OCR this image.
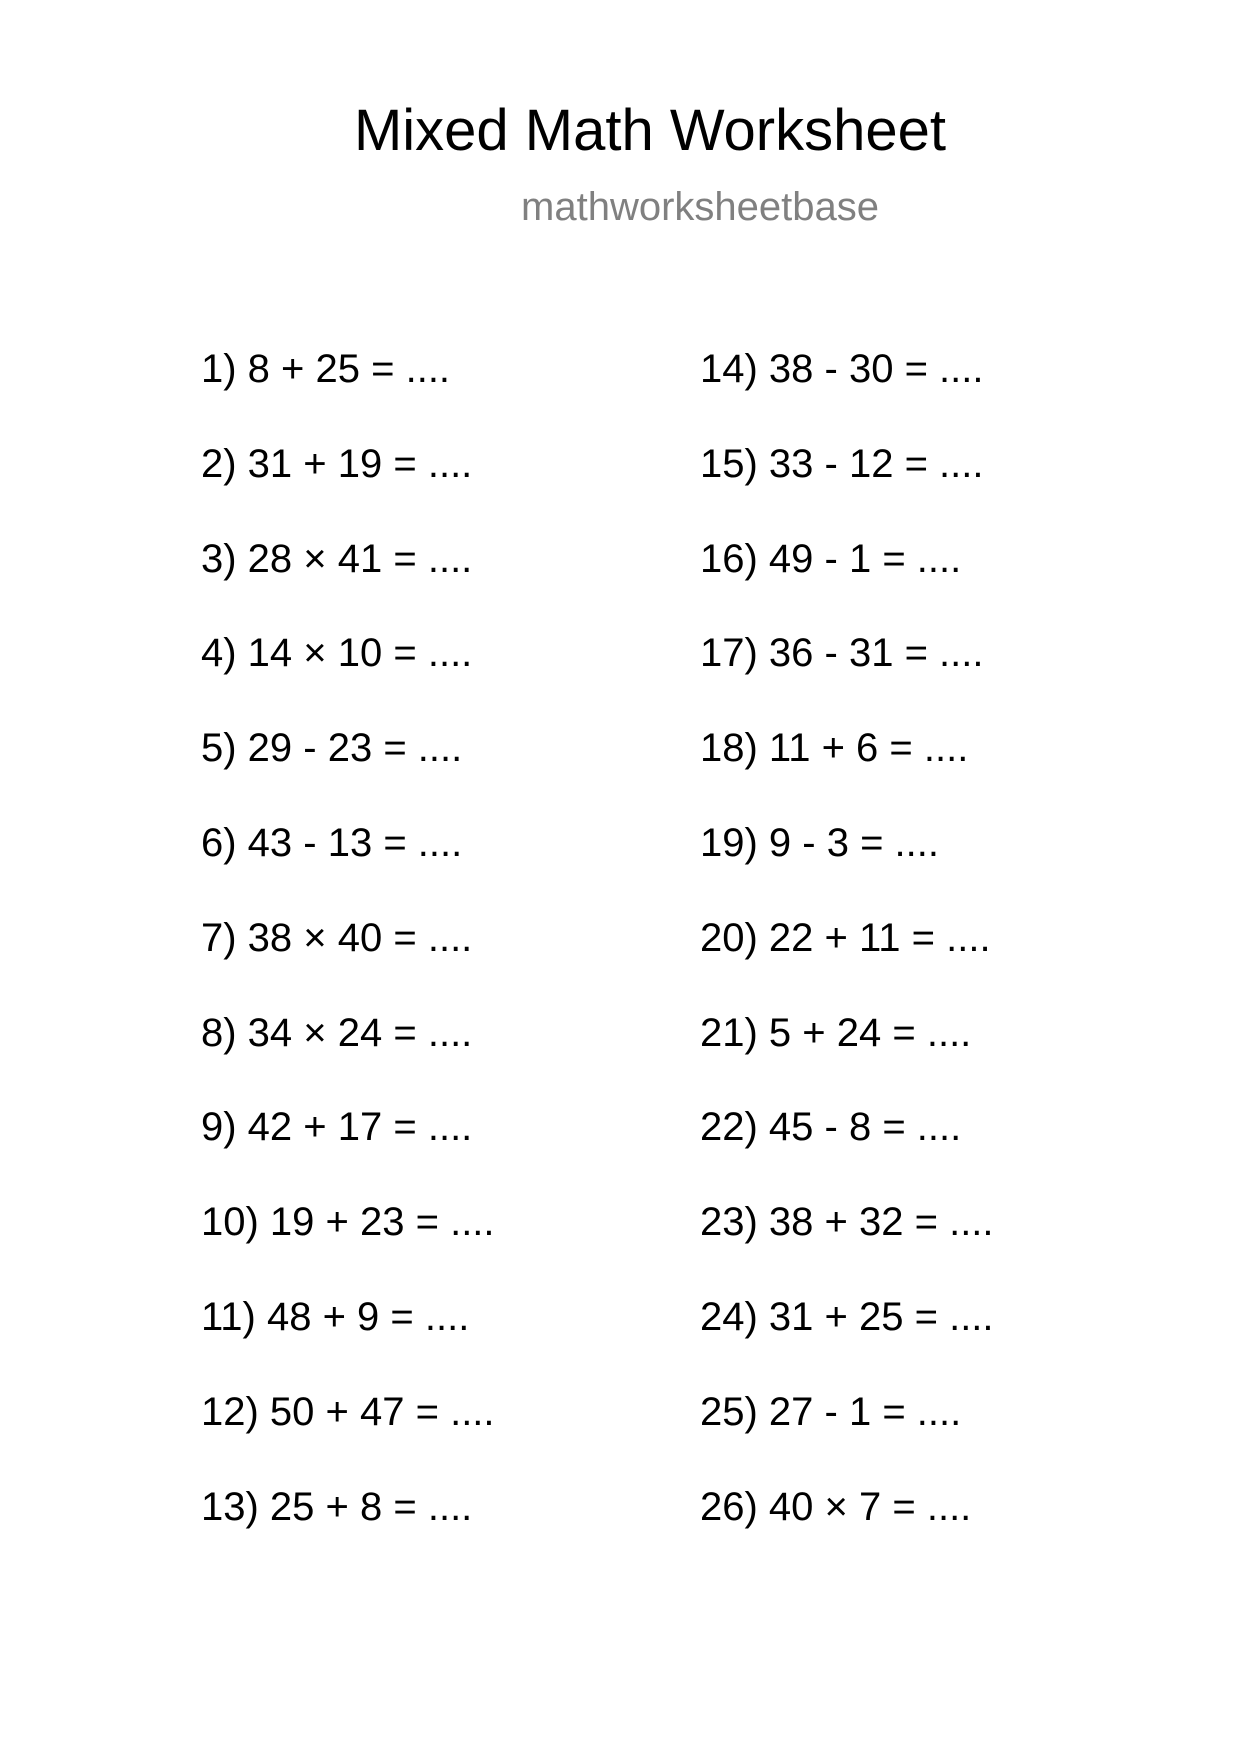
Mixed Math Worksheet
mathworksheetbase
1) 8 + 25 = ....
2) 31 + 19 = ....
3) 28 × 41 = ....
4) 14 × 10 = ....
5) 29 - 23 = ....
6) 43 - 13 = ....
7) 38 × 40 = ....
8) 34 × 24 = ....
9) 42 + 17 = ....
10) 19 + 23 = ....
11) 48 + 9 = ....
12) 50 + 47 = ....
13) 25 + 8 = ....
14) 38 - 30 = ....
15) 33 - 12 = ....
16) 49 - 1 = ....
17) 36 - 31 = ....
18) 11 + 6 = ....
19) 9 - 3 = ....
20) 22 + 11 = ....
21) 5 + 24 = ....
22) 45 - 8 = ....
23) 38 + 32 = ....
24) 31 + 25 = ....
25) 27 - 1 = ....
26) 40 × 7 = ....
